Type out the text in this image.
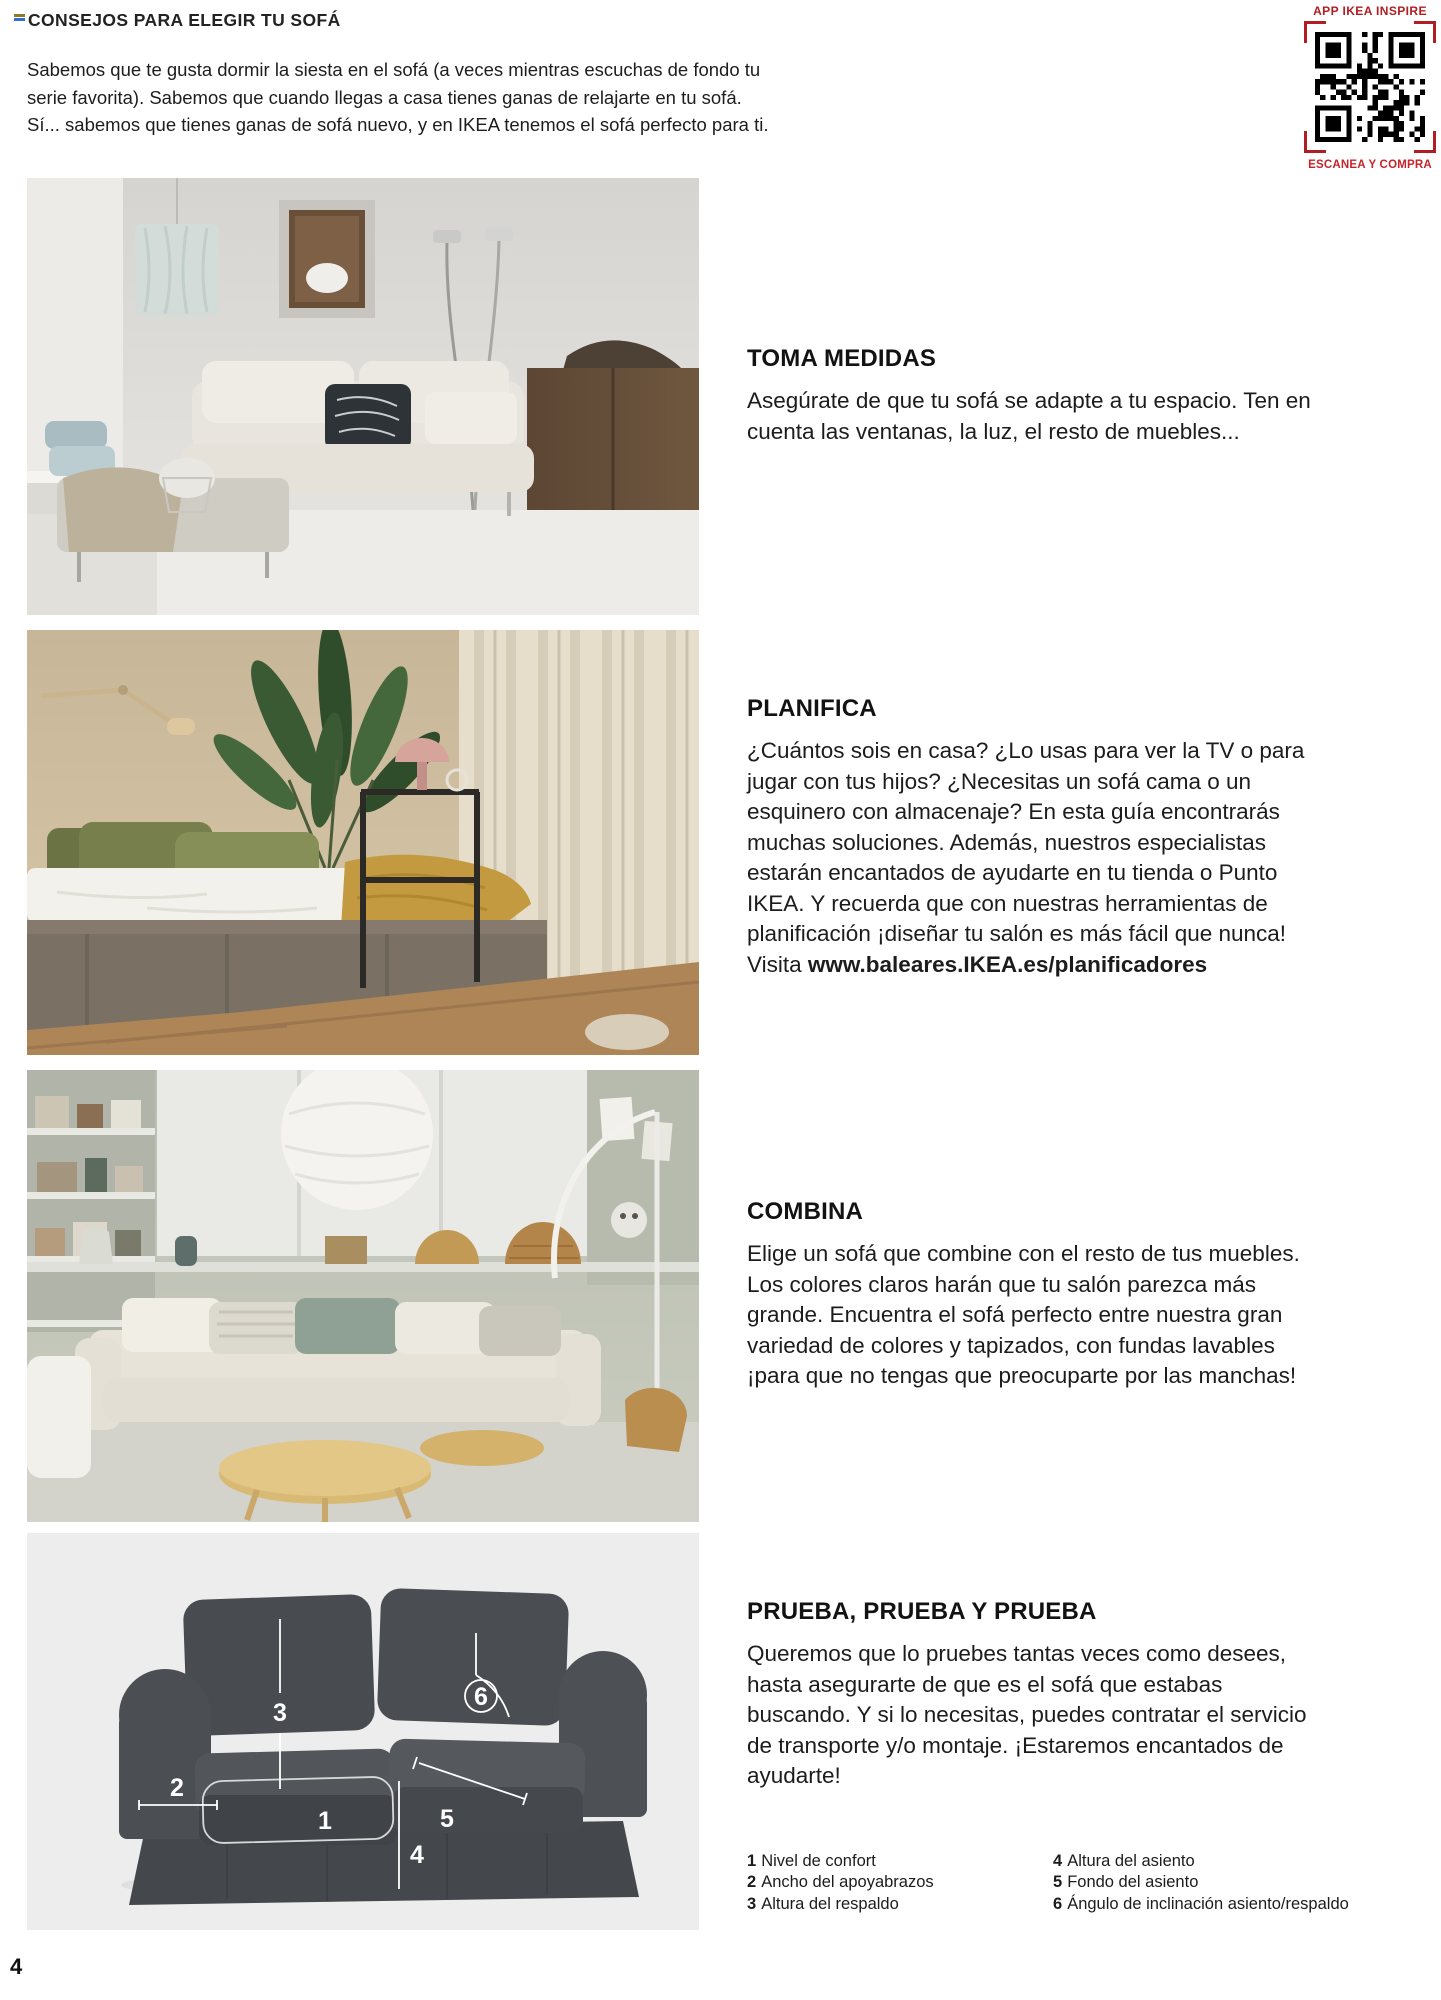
CONSEJOS PARA ELEGIR TU SOFÁ
Sabemos que te gusta dormir la siesta en el sofá (a veces mientras escuchas de fondo tu
serie favorita). Sabemos que cuando llegas a casa tienes ganas de relajarte en tu sofá.
Sí... sabemos que tienes ganas de sofá nuevo, y en IKEA tenemos el sofá perfecto para ti.
APP IKEA INSPIRE
ESCANEA Y COMPRA
TOMA MEDIDAS
Asegúrate de que tu sofá se adapte a tu espacio. Ten en
cuenta las ventanas, la luz, el resto de muebles...
PLANIFICA
¿Cuántos sois en casa? ¿Lo usas para ver la TV o para
jugar con tus hijos? ¿Necesitas un sofá cama o un
esquinero con almacenaje? En esta guía encontrarás
muchas soluciones. Además, nuestros especialistas
estarán encantados de ayudarte en tu tienda o Punto
IKEA. Y recuerda que con nuestras herramientas de
planificación ¡diseñar tu salón es más fácil que nunca!
Visita www.baleares.IKEA.es/planificadores
COMBINA
Elige un sofá que combine con el resto de tus muebles.
Los colores claros harán que tu salón parezca más
grande. Encuentra el sofá perfecto entre nuestra gran
variedad de colores y tapizados, con fundas lavables
¡para que no tengas que preocuparte por las manchas!
3
6
2
1	5
4
PRUEBA, PRUEBA Y PRUEBA
Queremos que lo pruebes tantas veces como desees,
hasta asegurarte de que es el sofá que estabas
buscando. Y si lo necesitas, puedes contratar el servicio
de transporte y/o montaje. ¡Estaremos encantados de
ayudarte!
1 Nivel de confort
2 Ancho del apoyabrazos
3 Altura del respaldo
4 Altura del asiento
5 Fondo del asiento
6 Ángulo de inclinación asiento/respaldo
4
